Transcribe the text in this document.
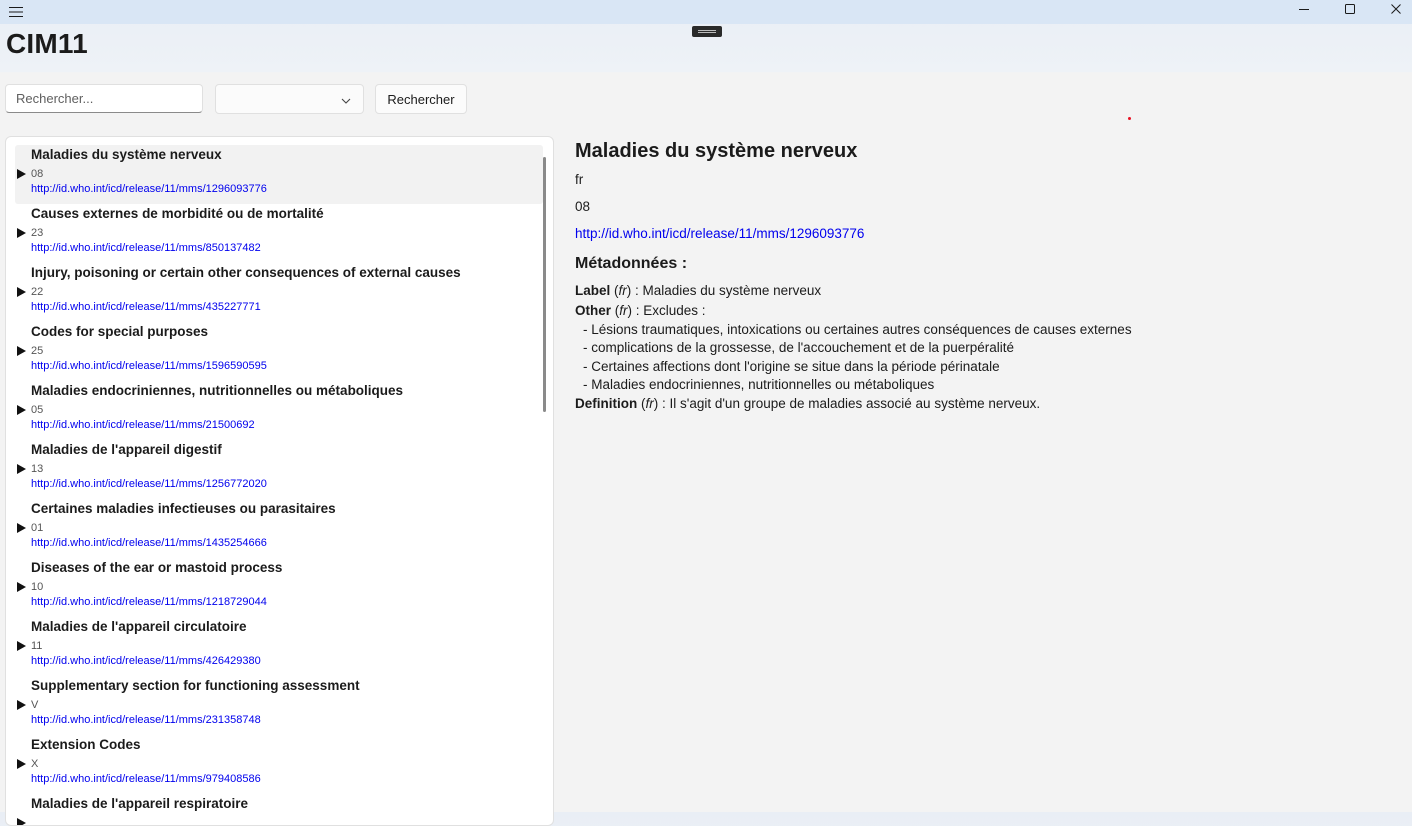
CIM11
Rechercher...
Rechercher
Maladies du système nerveux
08
http://id.who.int/icd/release/11/mms/1296093776
Causes externes de morbidité ou de mortalité
23
http://id.who.int/icd/release/11/mms/850137482
Injury, poisoning or certain other consequences of external causes
22
http://id.who.int/icd/release/11/mms/435227771
Codes for special purposes
25
http://id.who.int/icd/release/11/mms/1596590595
Maladies endocriniennes, nutritionnelles ou métaboliques
05
http://id.who.int/icd/release/11/mms/21500692
Maladies de l'appareil digestif
13
http://id.who.int/icd/release/11/mms/1256772020
Certaines maladies infectieuses ou parasitaires
01
http://id.who.int/icd/release/11/mms/1435254666
Diseases of the ear or mastoid process
10
http://id.who.int/icd/release/11/mms/1218729044
Maladies de l'appareil circulatoire
11
http://id.who.int/icd/release/11/mms/426429380
Supplementary section for functioning assessment
V
http://id.who.int/icd/release/11/mms/231358748
Extension Codes
X
http://id.who.int/icd/release/11/mms/979408586
Maladies de l'appareil respiratoire
Maladies du système nerveux
fr
08
http://id.who.int/icd/release/11/mms/1296093776
Métadonnées :
Label (fr) : Maladies du système nerveux
Other (fr) : Excludes :
- Lésions traumatiques, intoxications ou certaines autres conséquences de causes externes
- complications de la grossesse, de l'accouchement et de la puerpéralité
- Certaines affections dont l'origine se situe dans la période périnatale
- Maladies endocriniennes, nutritionnelles ou métaboliques
Definition (fr) : Il s'agit d'un groupe de maladies associé au système nerveux.
